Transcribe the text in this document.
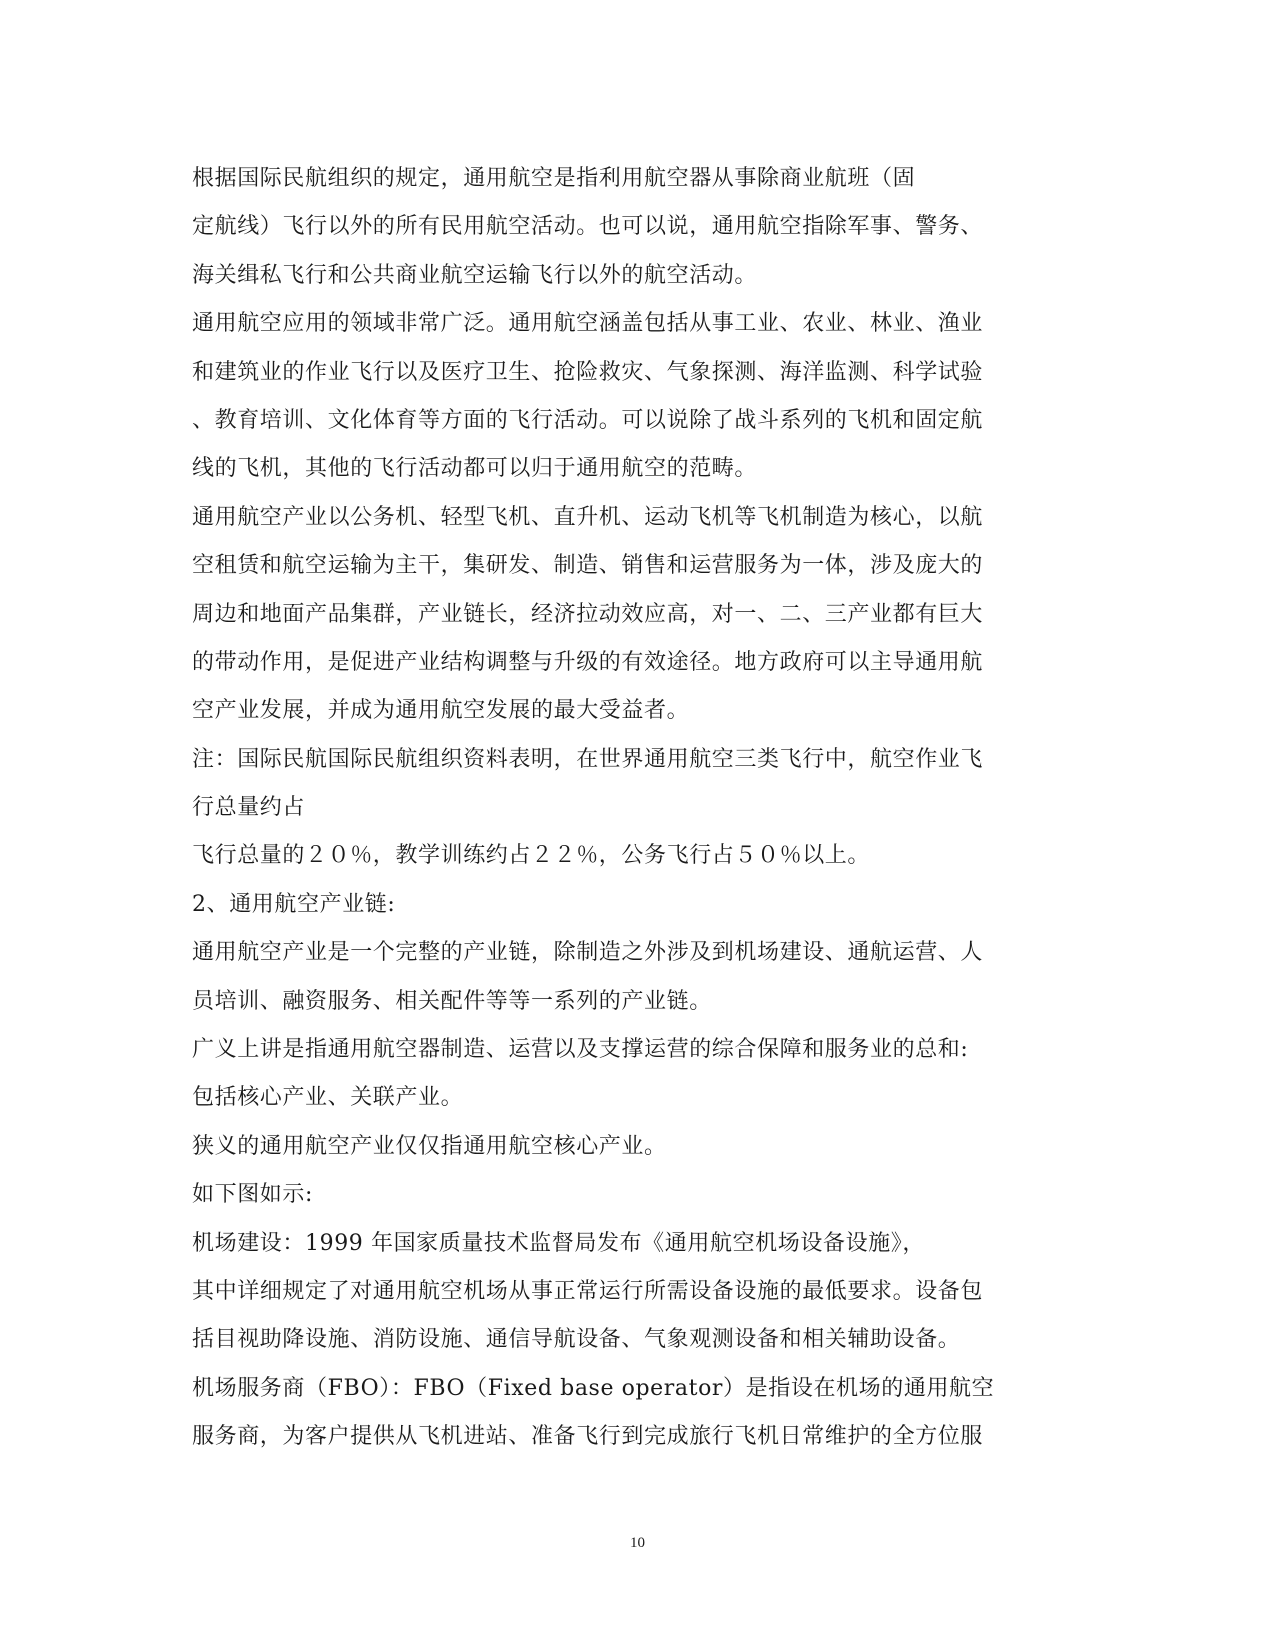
根据国际民航组织的规定，通用航空是指利用航空器从事除商业航班（固
定航线）飞行以外的所有民用航空活动。也可以说，通用航空指除军事、警务、
海关缉私飞行和公共商业航空运输飞行以外的航空活动。
通用航空应用的领域非常广泛。通用航空涵盖包括从事工业、农业、林业、渔业
和建筑业的作业飞行以及医疗卫生、抢险救灾、气象探测、海洋监测、科学试验
、教育培训、文化体育等方面的飞行活动。可以说除了战斗系列的飞机和固定航
线的飞机，其他的飞行活动都可以归于通用航空的范畴。
通用航空产业以公务机、轻型飞机、直升机、运动飞机等飞机制造为核心，以航
空租赁和航空运输为主干，集研发、制造、销售和运营服务为一体，涉及庞大的
周边和地面产品集群，产业链长，经济拉动效应高，对一、二、三产业都有巨大
的带动作用，是促进产业结构调整与升级的有效途径。地方政府可以主导通用航
空产业发展，并成为通用航空发展的最大受益者。
注：国际民航国际民航组织资料表明，在世界通用航空三类飞行中，航空作业飞
行总量约占
飞行总量的２０％，教学训练约占２２％，公务飞行占５０％以上。
2、通用航空产业链:
通用航空产业是一个完整的产业链，除制造之外涉及到机场建设、通航运营、人
员培训、融资服务、相关配件等等一系列的产业链。
广义上讲是指通用航空器制造、运营以及支撑运营的综合保障和服务业的总和:
包括核心产业、关联产业。
狭义的通用航空产业仅仅指通用航空核心产业。
如下图如示:
机场建设：1999 年国家质量技术监督局发布《通用航空机场设备设施》，
其中详细规定了对通用航空机场从事正常运行所需设备设施的最低要求。设备包
括目视助降设施、消防设施、通信导航设备、气象观测设备和相关辅助设备。
机场服务商（FBO）：FBO（Fixed base operator）是指设在机场的通用航空
服务商，为客户提供从飞机进站、准备飞行到完成旅行飞机日常维护的全方位服
10
